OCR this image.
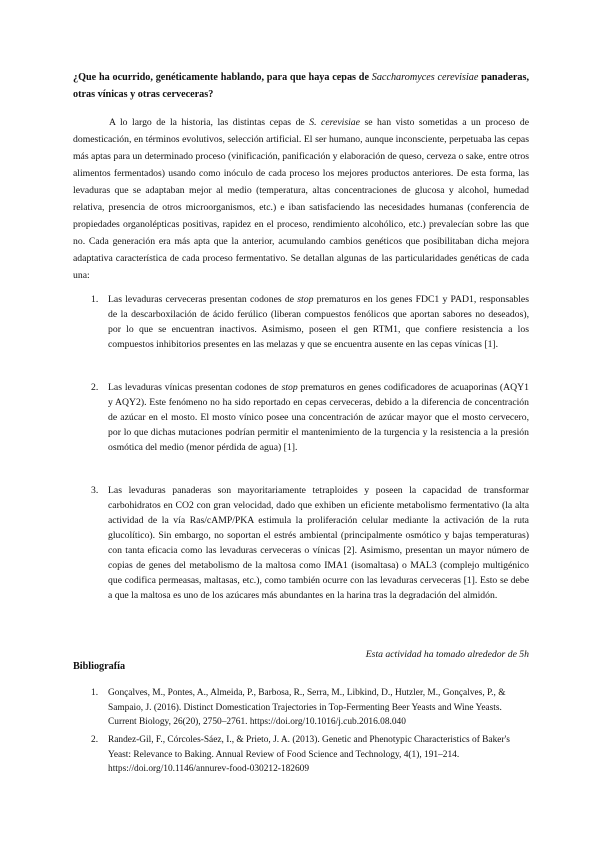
¿Que ha ocurrido, genéticamente hablando, para que haya cepas de Saccharomyces cerevisiae panaderas, otras vínicas y otras cerveceras?

A lo largo de la historia, las distintas cepas de S. cerevisiae se han visto sometidas a un proceso de domesticación, en términos evolutivos, selección artificial. El ser humano, aunque inconsciente, perpetuaba las cepas más aptas para un determinado proceso (vinificación, panificación y elaboración de queso, cerveza o sake, entre otros alimentos fermentados) usando como inóculo de cada proceso los mejores productos anteriores. De esta forma, las levaduras que se adaptaban mejor al medio (temperatura, altas concentraciones de glucosa y alcohol, humedad relativa, presencia de otros microorganismos, etc.) e iban satisfaciendo las necesidades humanas (conferencia de propiedades organolépticas positivas, rapidez en el proceso, rendimiento alcohólico, etc.) prevalecían sobre las que no. Cada generación era más apta que la anterior, acumulando cambios genéticos que posibilitaban dicha mejora adaptativa característica de cada proceso fermentativo. Se detallan algunas de las particularidades genéticas de cada una:

1. Las levaduras cerveceras presentan codones de stop prematuros en los genes FDC1 y PAD1, responsables de la descarboxilación de ácido ferúlico (liberan compuestos fenólicos que aportan sabores no deseados), por lo que se encuentran inactivos. Asimismo, poseen el gen RTM1, que confiere resistencia a los compuestos inhibitorios presentes en las melazas y que se encuentra ausente en las cepas vínicas [1].
2. Las levaduras vínicas presentan codones de stop prematuros en genes codificadores de acuaporinas (AQY1 y AQY2). Este fenómeno no ha sido reportado en cepas cerveceras, debido a la diferencia de concentración de azúcar en el mosto. El mosto vínico posee una concentración de azúcar mayor que el mosto cervecero, por lo que dichas mutaciones podrían permitir el mantenimiento de la turgencia y la resistencia a la presión osmótica del medio (menor pérdida de agua) [1].
3. Las levaduras panaderas son mayoritariamente tetraploides y poseen la capacidad de transformar carbohidratos en CO2 con gran velocidad, dado que exhiben un eficiente metabolismo fermentativo (la alta actividad de la vía Ras/cAMP/PKA estimula la proliferación celular mediante la activación de la ruta glucolítico). Sin embargo, no soportan el estrés ambiental (principalmente osmótico y bajas temperaturas) con tanta eficacia como las levaduras cerveceras o vínicas [2]. Asimismo, presentan un mayor número de copias de genes del metabolismo de la maltosa como IMA1 (isomaltasa) o MAL3 (complejo multigénico que codifica permeasas, maltasas, etc.), como también ocurre con las levaduras cerveceras [1]. Esto se debe a que la maltosa es uno de los azúcares más abundantes en la harina tras la degradación del almidón.
Esta actividad ha tomado alrededor de 5h
Bibliografía
1. Gonçalves, M., Pontes, A., Almeida, P., Barbosa, R., Serra, M., Libkind, D., Hutzler, M., Gonçalves, P., & Sampaio, J. (2016). Distinct Domestication Trajectories in Top-Fermenting Beer Yeasts and Wine Yeasts. Current Biology, 26(20), 2750–2761. https://doi.org/10.1016/j.cub.2016.08.040
2. Randez-Gil, F., Córcoles-Sáez, I., & Prieto, J. A. (2013). Genetic and Phenotypic Characteristics of Baker's Yeast: Relevance to Baking. Annual Review of Food Science and Technology, 4(1), 191–214. https://doi.org/10.1146/annurev-food-030212-182609
